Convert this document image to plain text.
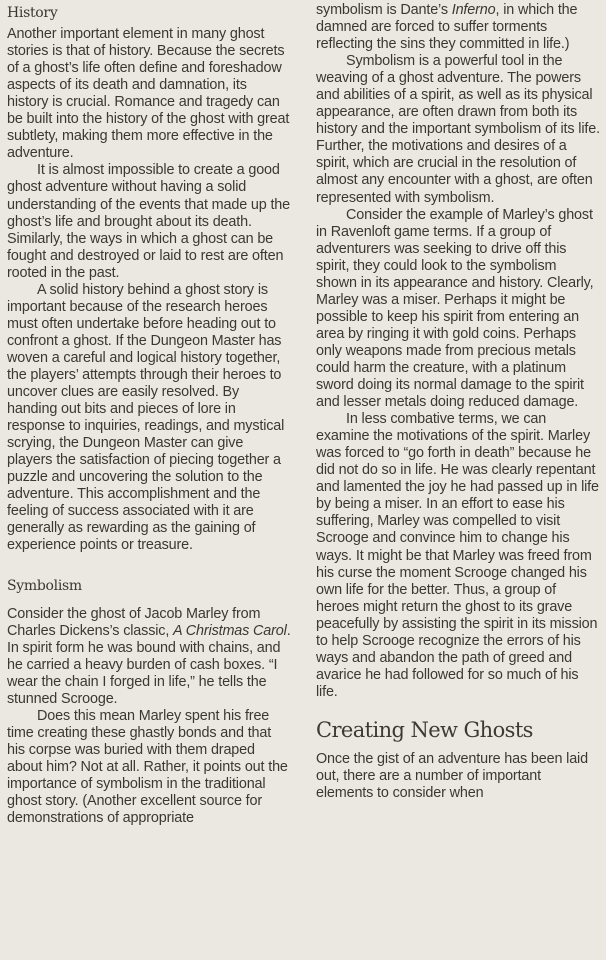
History

Another important element in many ghost stories is that of history. Because the secrets of a ghost’s life often define and foreshadow aspects of its death and damnation, its history is crucial. Romance and tragedy can be built into the history of the ghost with great subtlety, making them more effective in the adventure.

It is almost impossible to create a good ghost adventure without having a solid understanding of the events that made up the ghost’s life and brought about its death. Similarly, the ways in which a ghost can be fought and destroyed or laid to rest are often rooted in the past.

A solid history behind a ghost story is important because of the research heroes must often undertake before heading out to confront a ghost. If the Dungeon Master has woven a careful and logical history together, the players’ attempts through their heroes to uncover clues are easily resolved. By handing out bits and pieces of lore in response to inquiries, readings, and mystical scrying, the Dungeon Master can give players the satisfaction of piecing together a puzzle and uncovering the solution to the adventure. This accomplishment and the feeling of success associated with it are generally as rewarding as the gaining of experience points or treasure.

Symbolism

Consider the ghost of Jacob Marley from Charles Dickens’s classic, A Christmas Carol. In spirit form he was bound with chains, and he carried a heavy burden of cash boxes. “I wear the chain I forged in life,” he tells the stunned Scrooge.

Does this mean Marley spent his free time creating these ghastly bonds and that his corpse was buried with them draped about him? Not at all. Rather, it points out the importance of symbolism in the traditional ghost story. (Another excellent source for demonstrations of appropriate

symbolism is Dante’s Inferno, in which the damned are forced to suffer torments reflecting the sins they committed in life.)

Symbolism is a powerful tool in the weaving of a ghost adventure. The powers and abilities of a spirit, as well as its physical appearance, are often drawn from both its history and the important symbolism of its life. Further, the motivations and desires of a spirit, which are crucial in the resolution of almost any encounter with a ghost, are often represented with symbolism.

Consider the example of Marley’s ghost in Ravenloft game terms. If a group of adventurers was seeking to drive off this spirit, they could look to the symbolism shown in its appearance and history. Clearly, Marley was a miser. Perhaps it might be possible to keep his spirit from entering an area by ringing it with gold coins. Perhaps only weapons made from precious metals could harm the creature, with a platinum sword doing its normal damage to the spirit and lesser metals doing reduced damage.

In less combative terms, we can examine the motivations of the spirit. Marley was forced to “go forth in death” because he did not do so in life. He was clearly repentant and lamented the joy he had passed up in life by being a miser. In an effort to ease his suffering, Marley was compelled to visit Scrooge and convince him to change his ways. It might be that Marley was freed from his curse the moment Scrooge changed his own life for the better. Thus, a group of heroes might return the ghost to its grave peacefully by assisting the spirit in its mission to help Scrooge recognize the errors of his ways and abandon the path of greed and avarice he had followed for so much of his life.

Creating New Ghosts

Once the gist of an adventure has been laid out, there are a number of important elements to consider when
